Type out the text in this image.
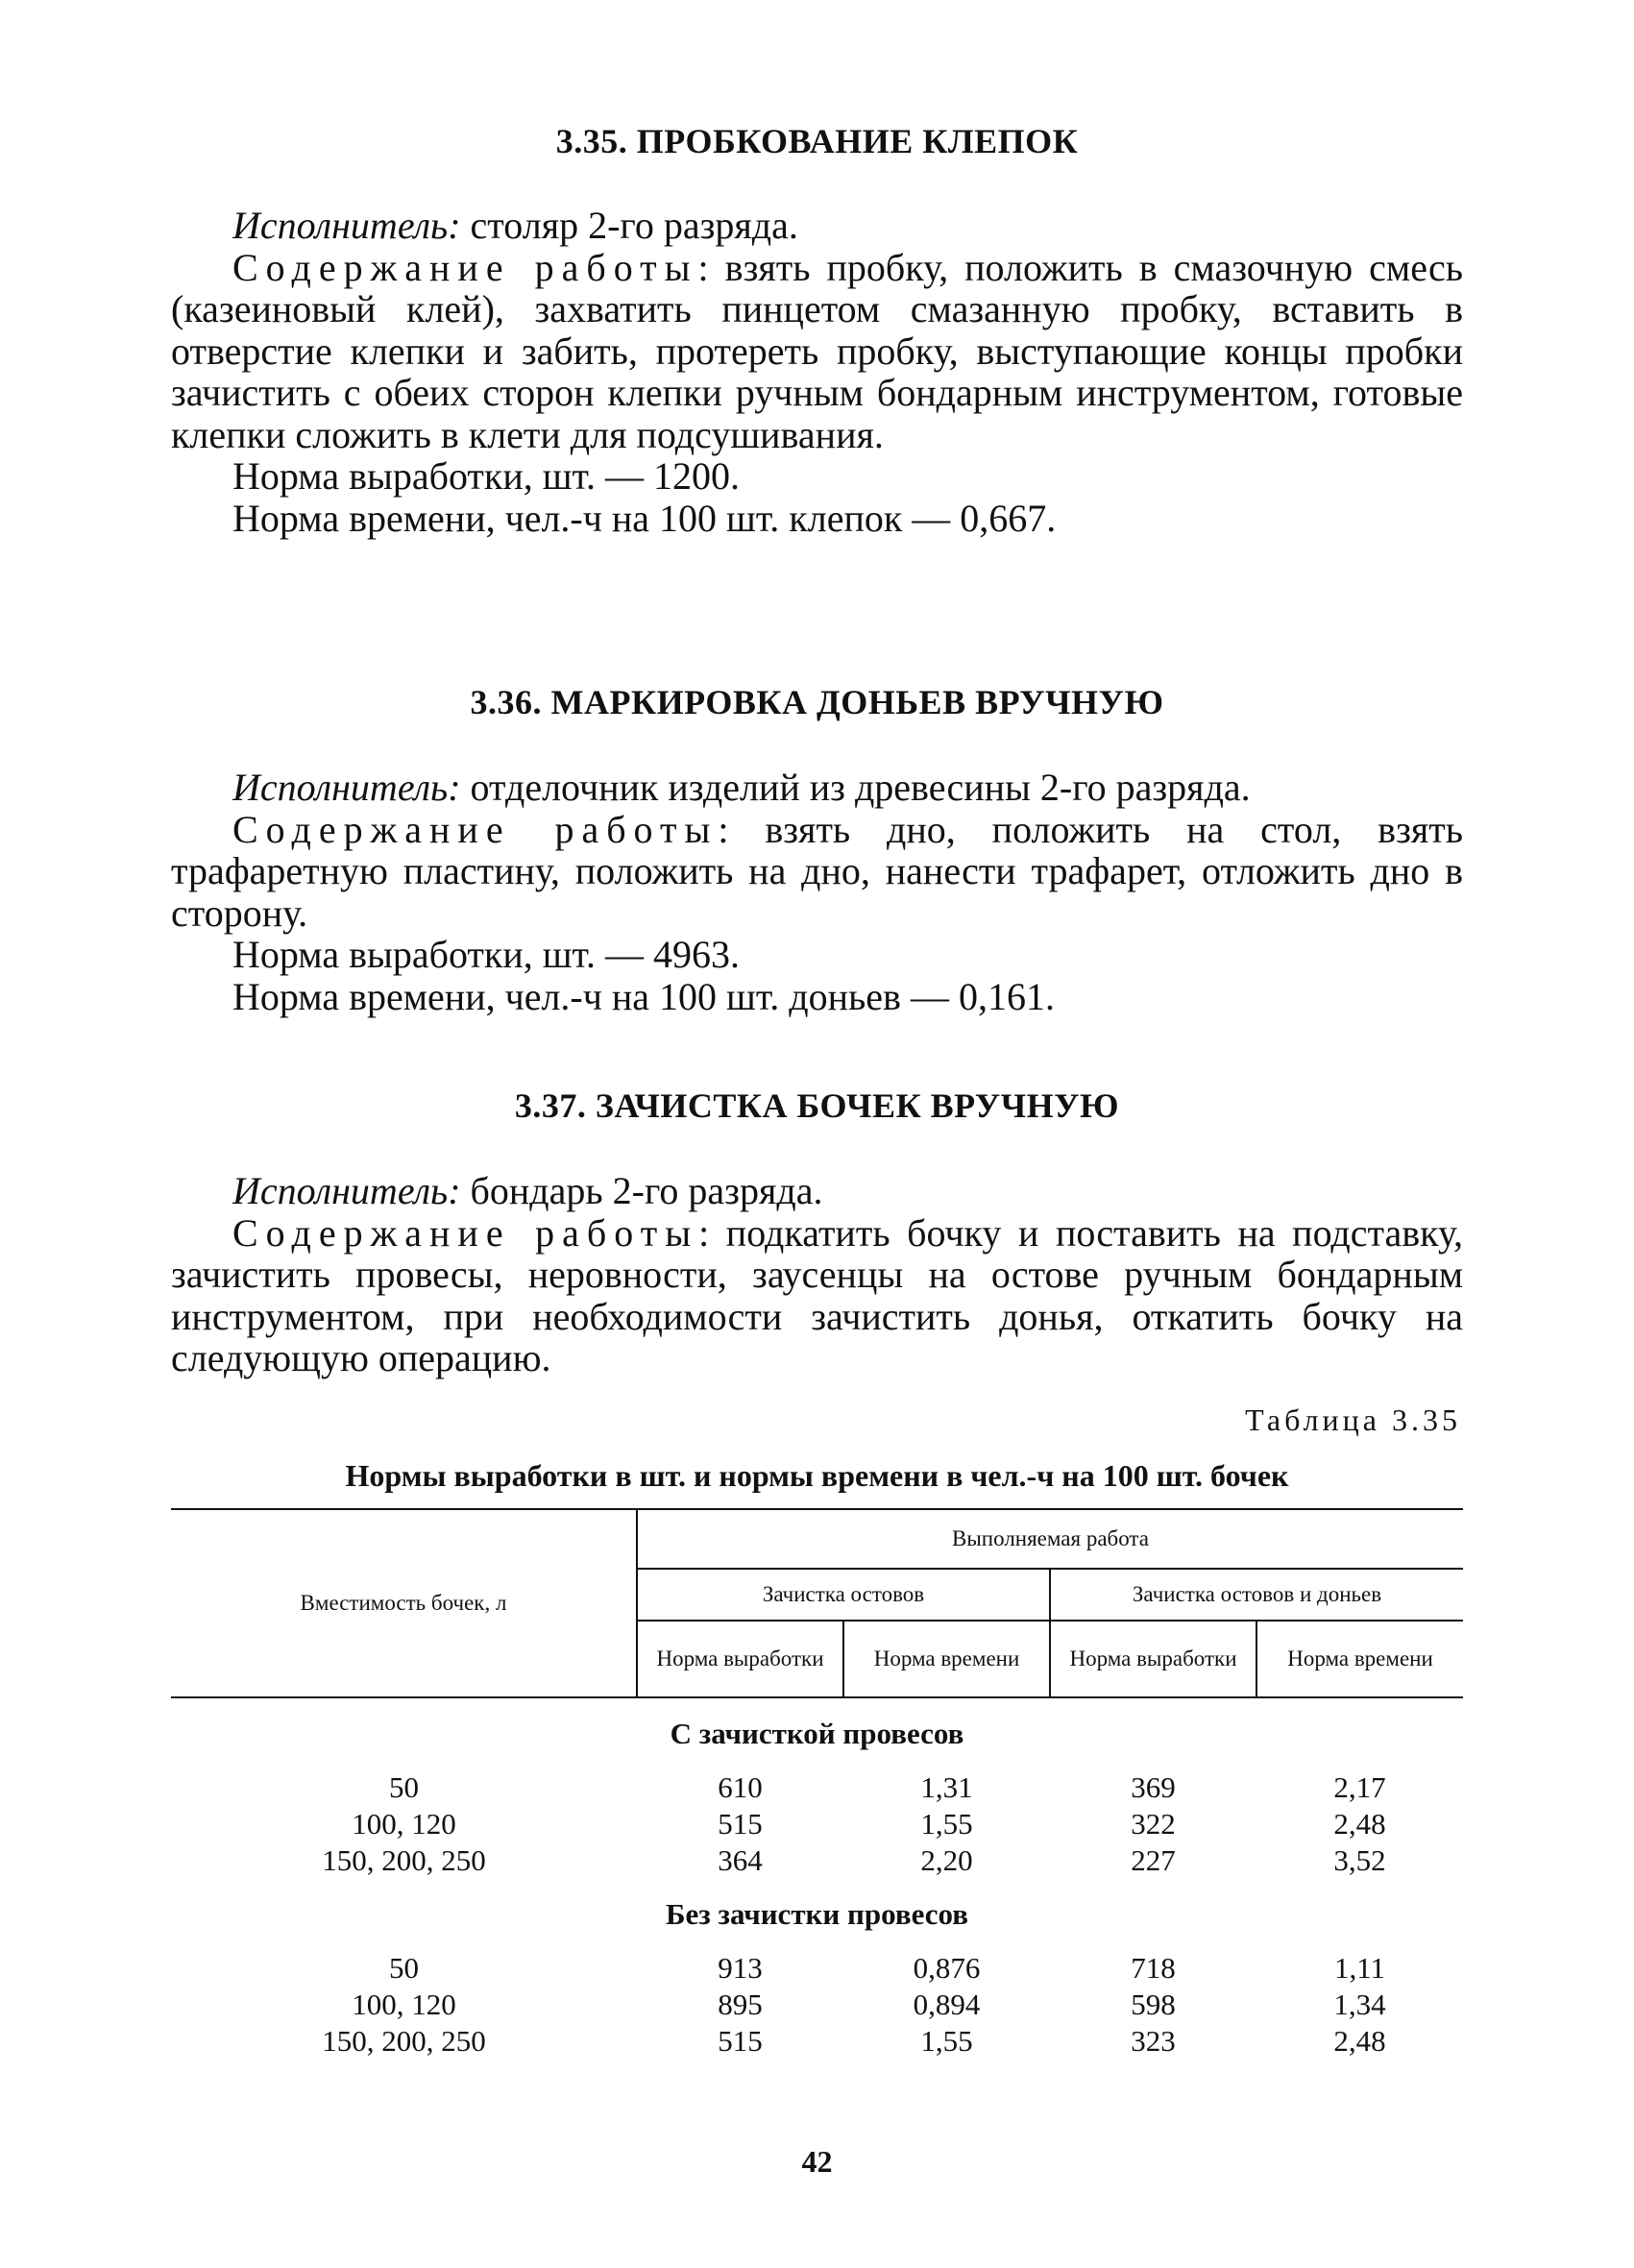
3.35. ПРОБКОВАНИЕ КЛЕПОК

Исполнитель: столяр 2-го разряда.

Содержание работы: взять пробку, положить в смазочную смесь (казеиновый клей), захватить пинцетом смазанную пробку, вставить в отверстие клепки и забить, протереть пробку, выступающие концы пробки зачистить с обеих сторон клепки ручным бондарным инструментом, готовые клепки сложить в клети для подсушивания.

Норма выработки, шт. — 1200.

Норма времени, чел.-ч на 100 шт. клепок — 0,667.

3.36. МАРКИРОВКА ДОНЬЕВ ВРУЧНУЮ

Исполнитель: отделочник изделий из древесины 2-го разряда.

Содержание работы: взять дно, положить на стол, взять трафаретную пластину, положить на дно, нанести трафарет, отложить дно в сторону.

Норма выработки, шт. — 4963.

Норма времени, чел.-ч на 100 шт. доньев — 0,161.

3.37. ЗАЧИСТКА БОЧЕК ВРУЧНУЮ

Исполнитель: бондарь 2-го разряда.

Содержание работы: подкатить бочку и поставить на подставку, зачистить провесы, неровности, заусенцы на остове ручным бондарным инструментом, при необходимости зачистить донья, откатить бочку на следующую операцию.

Таблица 3.35
Нормы выработки в шт. и нормы времени в чел.-ч на 100 шт. бочек
Вместимость бочек, л	Выполняемая работа			
	Зачистка остовов		Зачистка остовов и доньев	
	Норма выработки	Норма времени	Норма выработки	Норма времени
С зачисткой провесов				
50	610	1,31	369	2,17
100, 120	515	1,55	322	2,48
150, 200, 250	364	2,20	227	3,52
Без зачистки провесов				
50	913	0,876	718	1,11
100, 120	895	0,894	598	1,34
150, 200, 250	515	1,55	323	2,48
42
